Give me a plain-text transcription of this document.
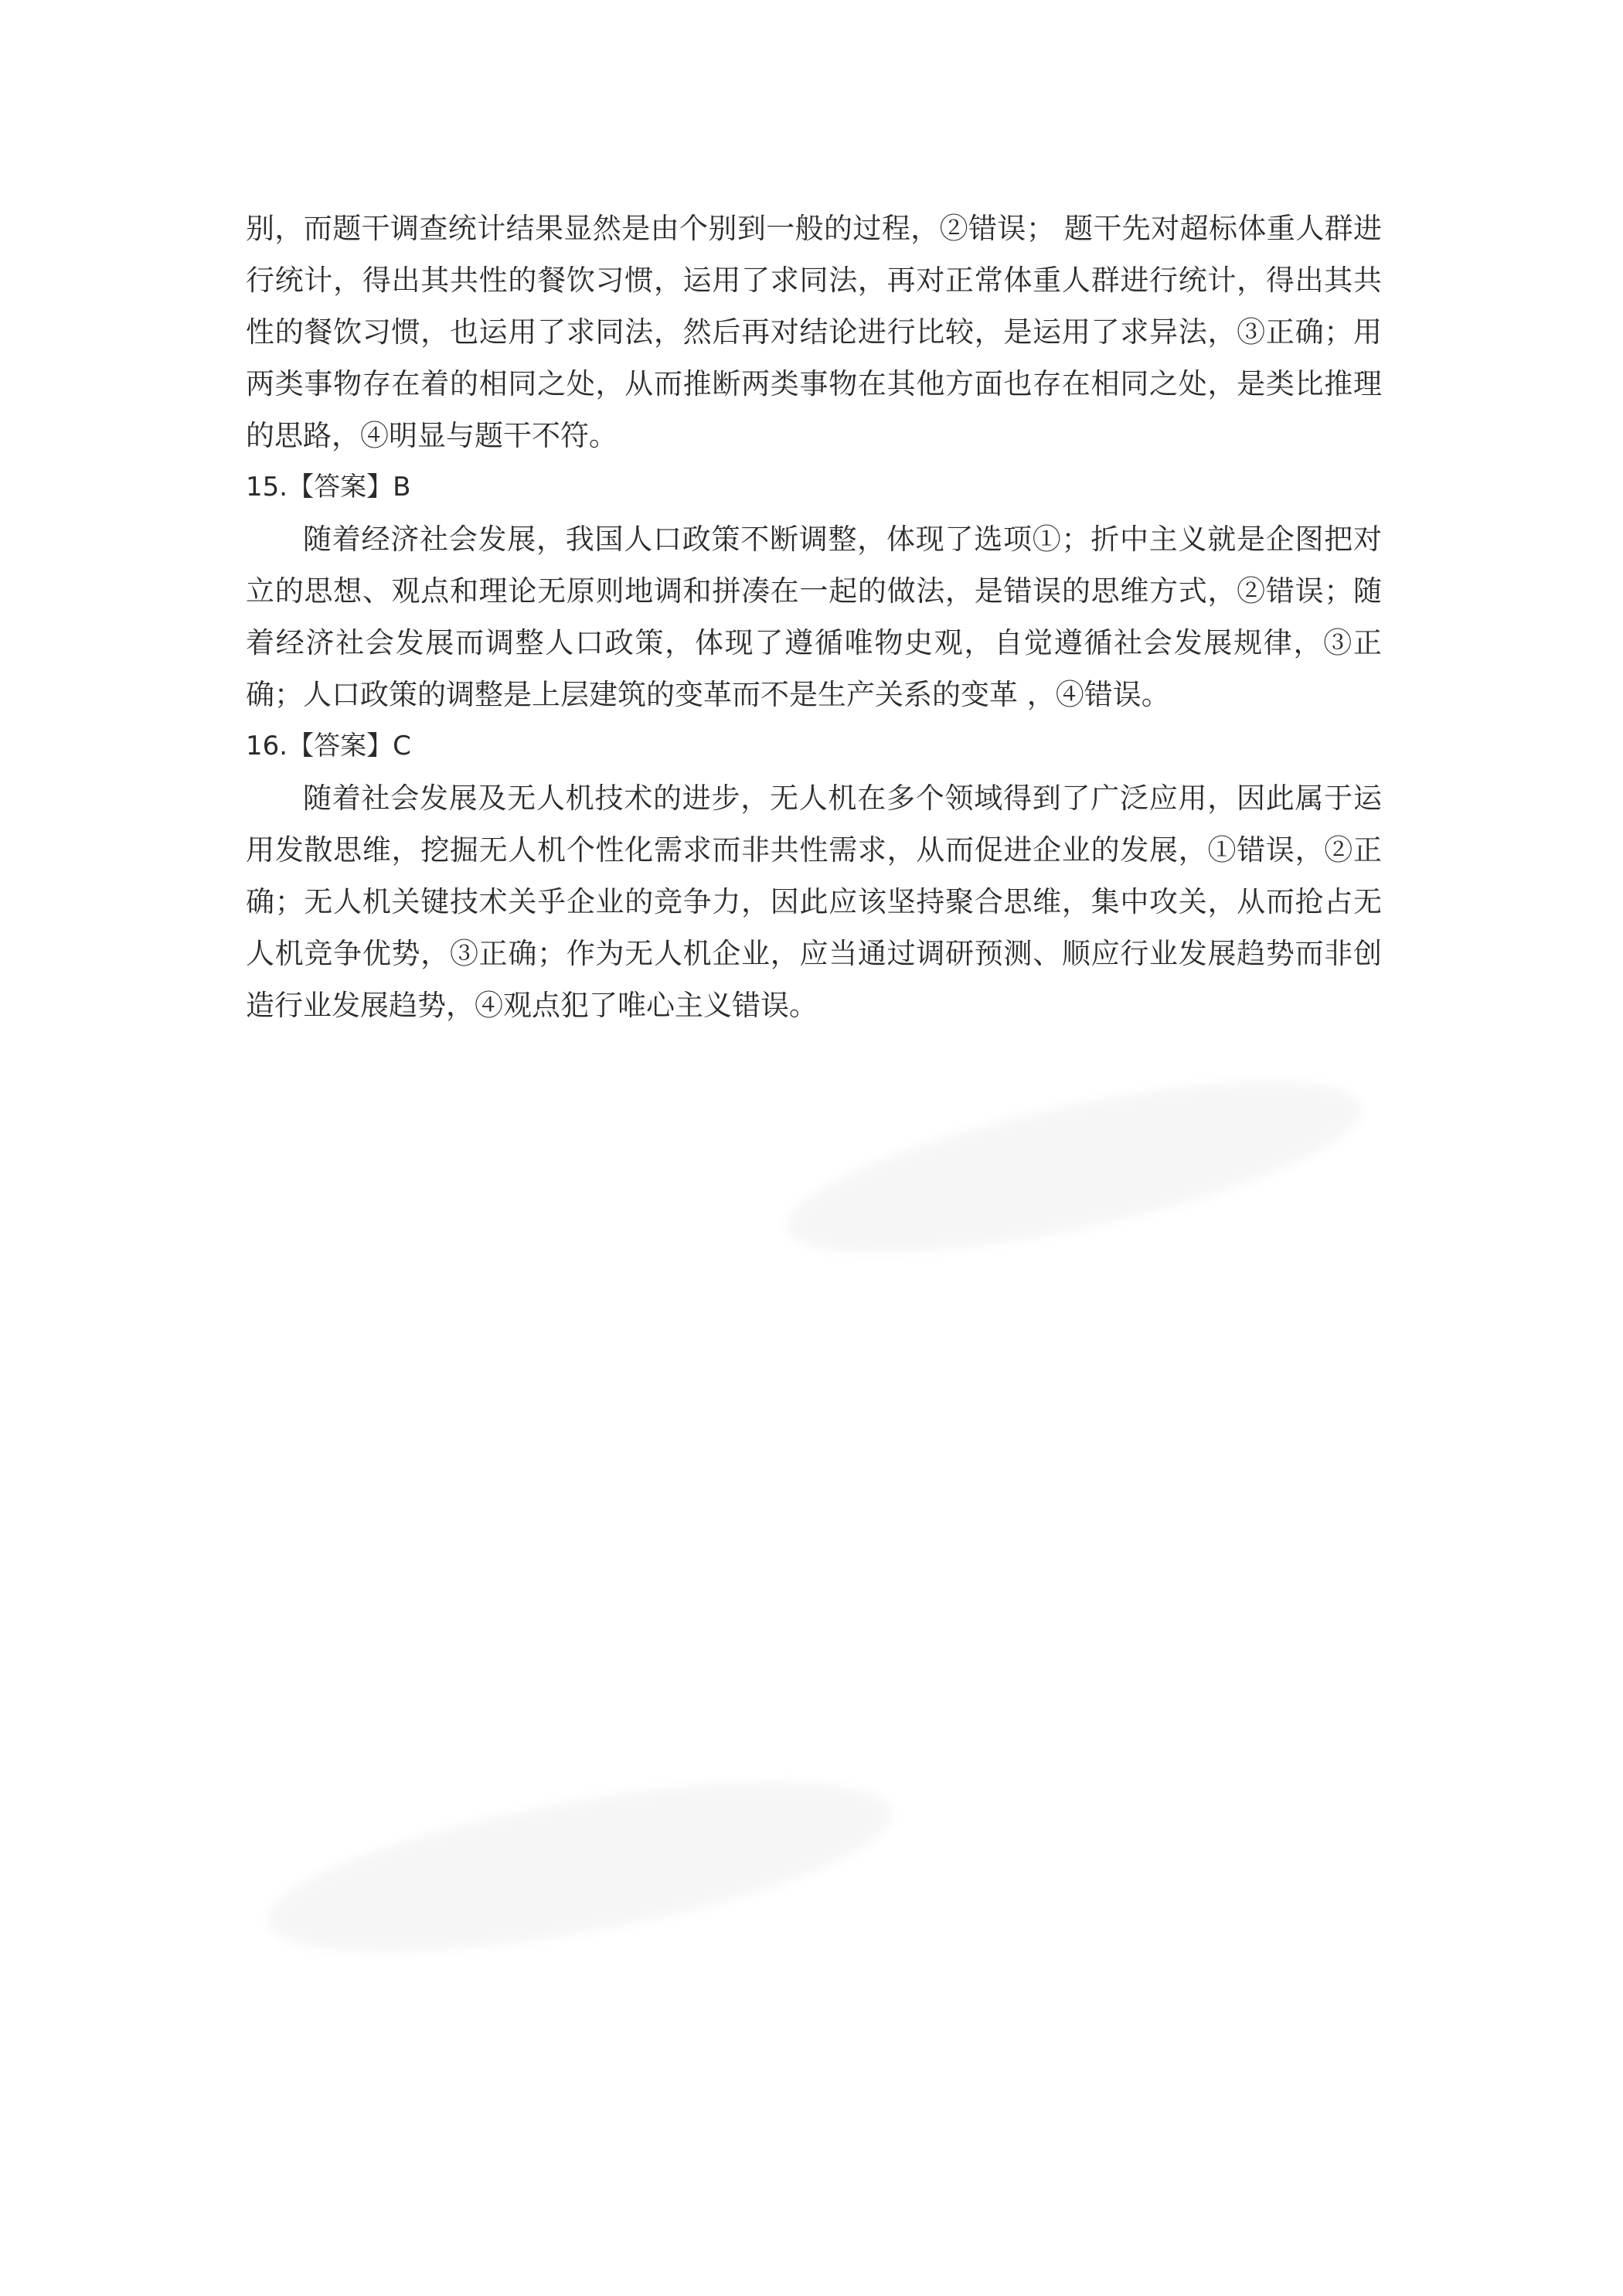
别，而题干调查统计结果显然是由个别到一般的过程，②错误； 题干先对超标体重人群进行统计，得出其共性的餐饮习惯，运用了求同法，再对正常体重人群进行统计，得出其共性的餐饮习惯，也运用了求同法，然后再对结论进行比较，是运用了求异法，③正确；用两类事物存在着的相同之处，从而推断两类事物在其他方面也存在相同之处，是类比推理的思路，④明显与题干不符。

15.【答案】B

随着经济社会发展，我国人口政策不断调整，体现了选项①；折中主义就是企图把对立的思想、观点和理论无原则地调和拼凑在一起的做法，是错误的思维方式，②错误；随着经济社会发展而调整人口政策，体现了遵循唯物史观，自觉遵循社会发展规律，③正确；人口政策的调整是上层建筑的变革而不是生产关系的变革 ，④错误。

16.【答案】C

随着社会发展及无人机技术的进步，无人机在多个领域得到了广泛应用，因此属于运用发散思维，挖掘无人机个性化需求而非共性需求，从而促进企业的发展，①错误，②正确；无人机关键技术关乎企业的竞争力，因此应该坚持聚合思维，集中攻关，从而抢占无人机竞争优势，③正确；作为无人机企业，应当通过调研预测、顺应行业发展趋势而非创造行业发展趋势，④观点犯了唯心主义错误。
